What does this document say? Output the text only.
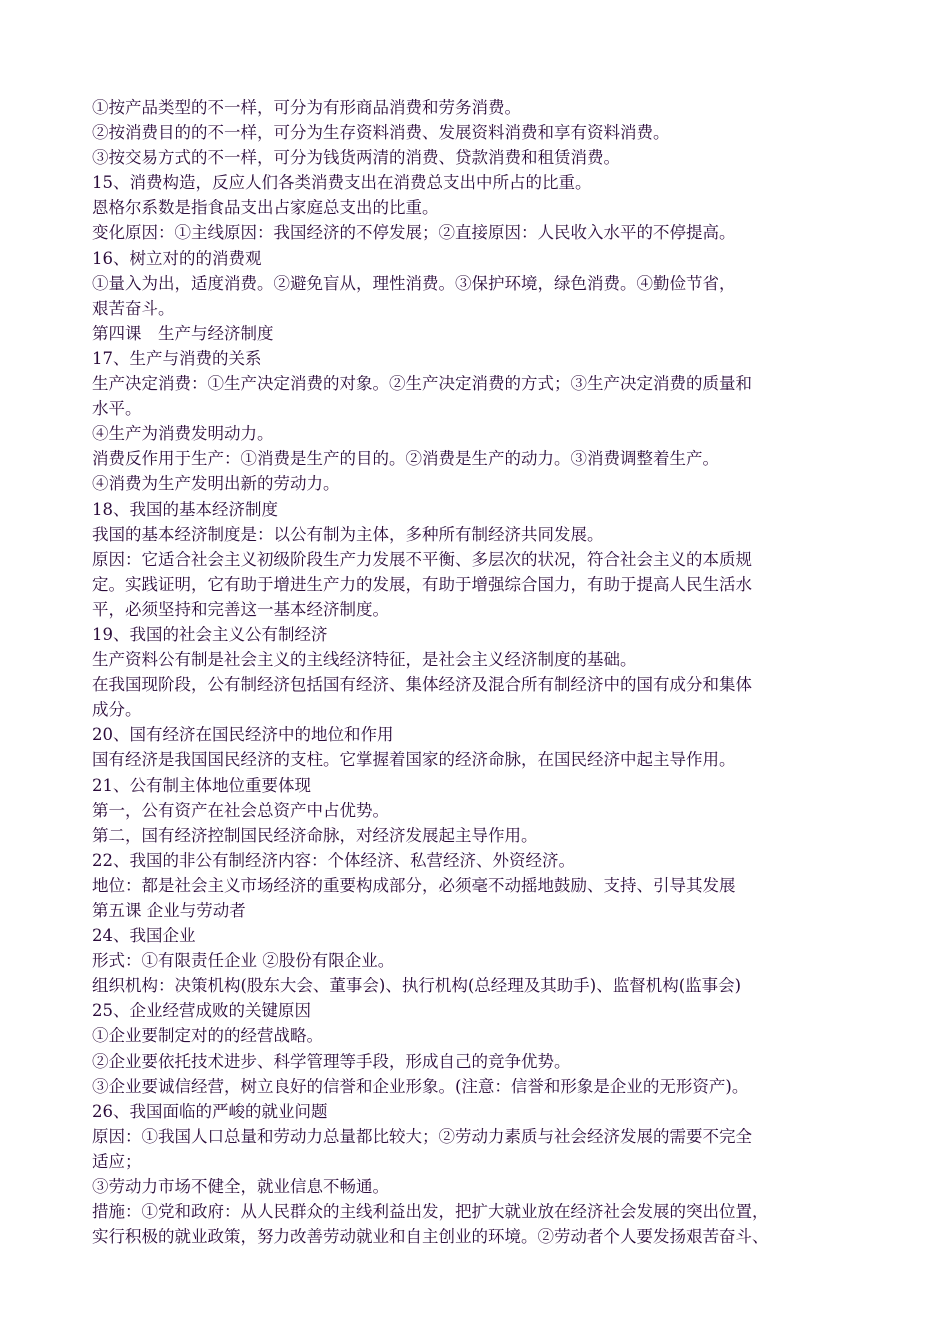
①按产品类型的不一样，可分为有形商品消费和劳务消费。
②按消费目的的不一样，可分为生存资料消费、发展资料消费和享有资料消费。
③按交易方式的不一样，可分为钱货两清的消费、贷款消费和租赁消费。
15、消费构造，反应人们各类消费支出在消费总支出中所占的比重。
恩格尔系数是指食品支出占家庭总支出的比重。
变化原因：①主线原因：我国经济的不停发展；②直接原因：人民收入水平的不停提高。
16、树立对的的消费观
①量入为出，适度消费。②避免盲从，理性消费。③保护环境，绿色消费。④勤俭节省，
艰苦奋斗。
第四课　生产与经济制度
17、生产与消费的关系
生产决定消费：①生产决定消费的对象。②生产决定消费的方式；③生产决定消费的质量和
水平。
④生产为消费发明动力。
消费反作用于生产：①消费是生产的目的。②消费是生产的动力。③消费调整着生产。
④消费为生产发明出新的劳动力。
18、我国的基本经济制度
我国的基本经济制度是：以公有制为主体，多种所有制经济共同发展。
原因：它适合社会主义初级阶段生产力发展不平衡、多层次的状况，符合社会主义的本质规
定。实践证明，它有助于增进生产力的发展，有助于增强综合国力，有助于提高人民生活水
平，必须坚持和完善这一基本经济制度。
19、我国的社会主义公有制经济
生产资料公有制是社会主义的主线经济特征，是社会主义经济制度的基础。
在我国现阶段，公有制经济包括国有经济、集体经济及混合所有制经济中的国有成分和集体
成分。
20、国有经济在国民经济中的地位和作用
国有经济是我国国民经济的支柱。它掌握着国家的经济命脉，在国民经济中起主导作用。
21、公有制主体地位重要体现
第一，公有资产在社会总资产中占优势。
第二，国有经济控制国民经济命脉，对经济发展起主导作用。
22、我国的非公有制经济内容：个体经济、私营经济、外资经济。
地位：都是社会主义市场经济的重要构成部分，必须毫不动摇地鼓励、支持、引导其发展
第五课 企业与劳动者
24、我国企业
形式：①有限责任企业 ②股份有限企业。
组织机构：决策机构(股东大会、董事会)、执行机构(总经理及其助手)、监督机构(监事会)
25、企业经营成败的关键原因
①企业要制定对的的经营战略。
②企业要依托技术进步、科学管理等手段，形成自己的竞争优势。
③企业要诚信经营，树立良好的信誉和企业形象。(注意：信誉和形象是企业的无形资产)。
26、我国面临的严峻的就业问题
原因：①我国人口总量和劳动力总量都比较大；②劳动力素质与社会经济发展的需要不完全
适应；
③劳动力市场不健全，就业信息不畅通。
措施：①党和政府：从人民群众的主线利益出发，把扩大就业放在经济社会发展的突出位置，
实行积极的就业政策，努力改善劳动就业和自主创业的环境。②劳动者个人要发扬艰苦奋斗、
